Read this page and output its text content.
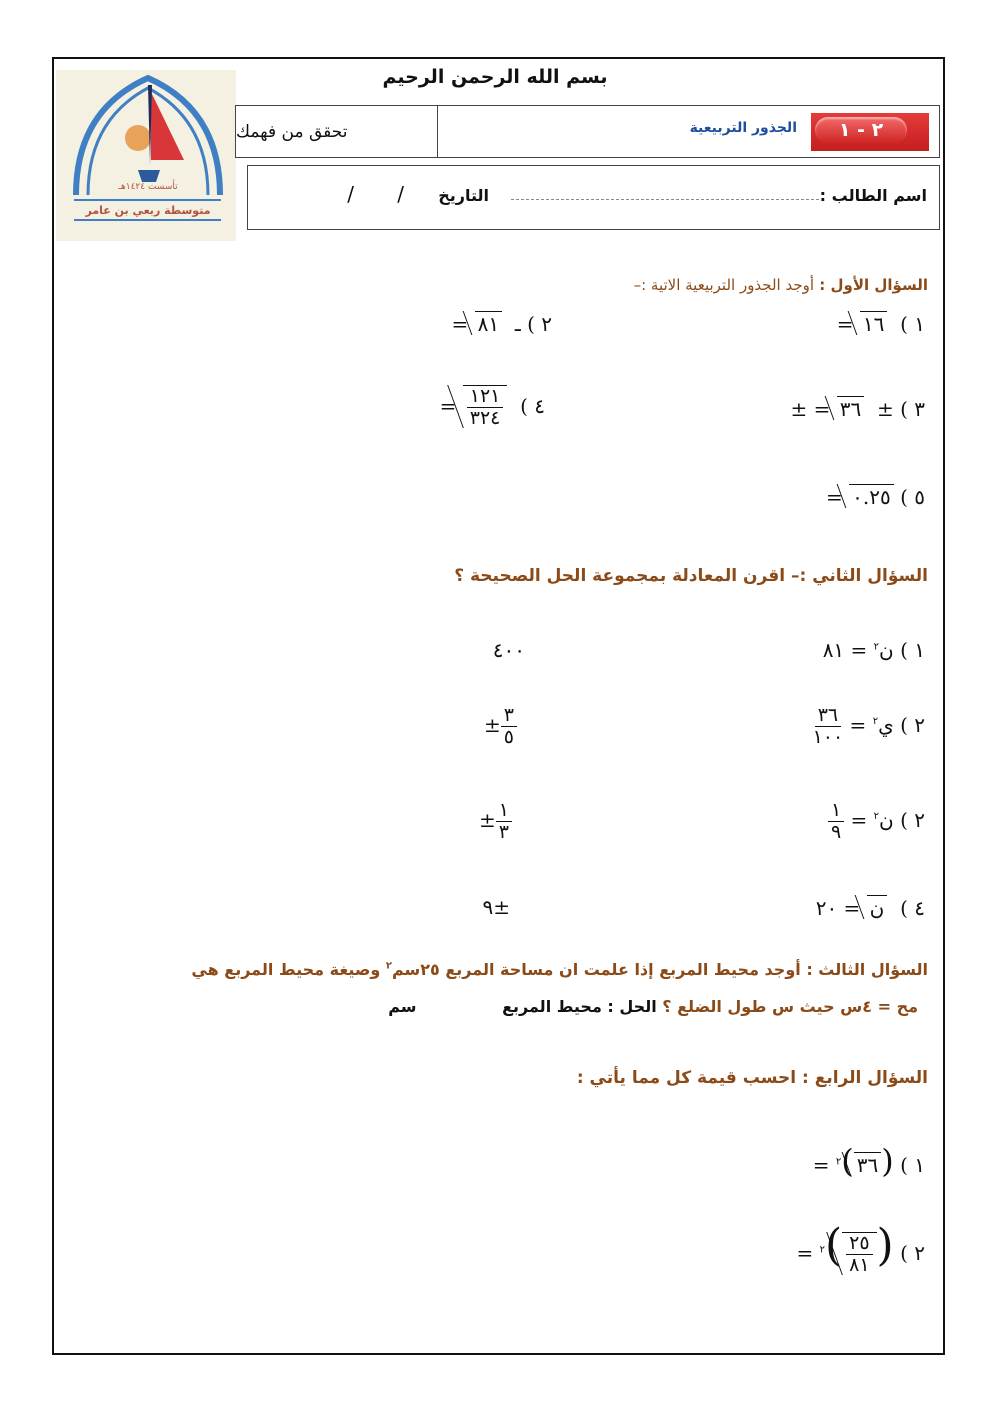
تأسست ١٤٢٤هـ
متوسطة ربعي بن عامر
بسم الله الرحمن الرحيم
تحقق من فهمك	٢ - ١
الجذور التربيعية
اسم الطالب :
التاريخ
/
/
السؤال الأول : أوجد الجذور التربيعية الاتية :–
١ )  ١٦ =
٢ ) ـ  ٨١ =
٣ ) ±  ٣٦ = ±
٤ )
$\frac{١٢١}{٣٢٤}$
=
٥ ) ٠.٢٥ =
السؤال الثاني :– اقرن المعادلة بمجموعة الحل الصحيحة ؟
١ ) ن$^٢$ = ٨١
٤٠٠
٢ ) ي$^٢$ =
$\frac{٣٦}{١٠٠}$
$\frac{٣}{٥}$
±
٢ ) ن$^٢$ =
$\frac{١}{٩}$
$\frac{١}{٣}$
±
٤ )  ن = ٢٠
±٩
السؤال الثالث : أوجد محيط المربع إذا علمت ان مساحة المربع ٢٥سم$^٢$ وصيغة محيط المربع هي
مح = ٤س حيث س طول الضلع ؟ الحل : محيط المربع سم
السؤال الرابع : احسب قيمة كل مما يأتي :
١ ) (٣٦)$^٢$ =
٢ ) (
$\frac{٢٥}{٨١}$
)$^٢$ =
